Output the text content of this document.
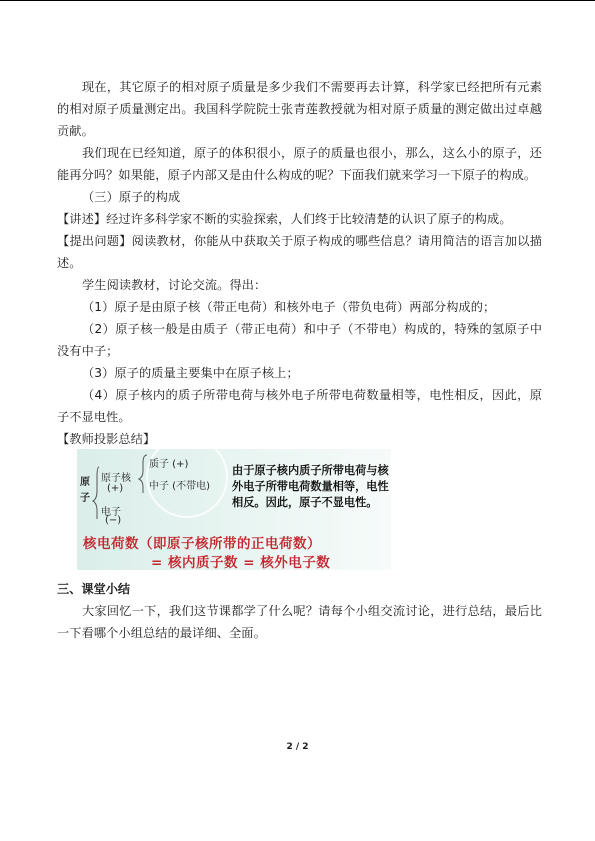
现在，其它原子的相对原子质量是多少我们不需要再去计算，科学家已经把所有元素的相对原子质量测定出。我国科学院院士张青莲教授就为相对原子质量的测定做出过卓越贡献。

我们现在已经知道，原子的体积很小，原子的质量也很小，那么，这么小的原子，还能再分吗？如果能，原子内部又是由什么构成的呢？下面我们就来学习一下原子的构成。

（三）原子的构成

【讲述】经过许多科学家不断的实验探索，人们终于比较清楚的认识了原子的构成。

【提出问题】阅读教材，你能从中获取关于原子构成的哪些信息？请用简洁的语言加以描述。

学生阅读教材，讨论交流。得出：

（1）原子是由原子核（带正电荷）和核外电子（带负电荷）两部分构成的；

（2）原子核一般是由质子（带正电荷）和中子（不带电）构成的，特殊的氢原子中没有中子；

（3）原子的质量主要集中在原子核上；

（4）原子核内的质子所带电荷与核外电子所带电荷数量相等，电性相反，因此，原子不显电性。

【教师投影总结】

原子
原子核
(+)
质子 (+)
中子 (不带电)
电子
(−)
由于原子核内质子所带电荷与核外电子所带电荷数量相等，电性相反。因此，原子不显电性。
核电荷数（即原子核所带的正电荷数）
= 核内质子数 = 核外电子数

三、课堂小结

大家回忆一下，我们这节课都学了什么呢？请每个小组交流讨论，进行总结，最后比一下看哪个小组总结的最详细、全面。

2 / 2
